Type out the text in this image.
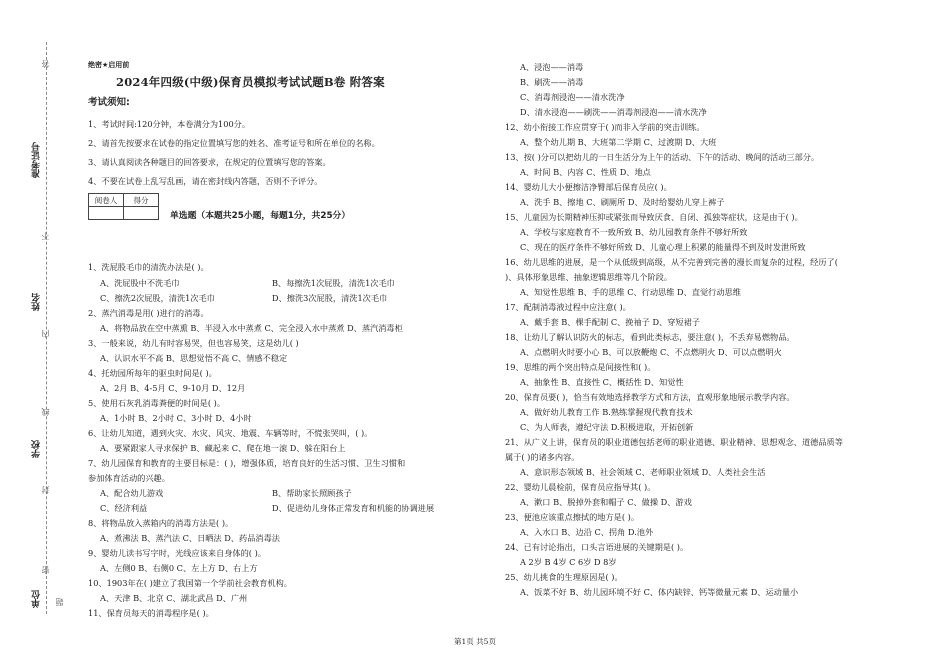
准考证号
姓名
学校
单位
答
不
内
线
封
密
题
绝密★启用前
2024年四级(中级)保育员模拟考试试题B卷 附答案
考试须知:
1、考试时间:120分钟，本卷满分为100分。
2、请首先按要求在试卷的指定位置填写您的姓名、准考证号和所在单位的名称。
3、请认真阅读各种题目的回答要求，在规定的位置填写您的答案。
4、不要在试卷上乱写乱画，请在密封线内答题，否则不予评分。
阅卷人	得分

单选题（本题共25小题，每题1分，共25分）
1、洗屁股毛巾的清洗办法是( )。
A、洗屁股中不洗毛巾	B、每擦洗1次屁股，清洗1次毛巾
C、擦洗2次屁股，清洗1次毛巾	D、擦洗3次屁股，清洗1次毛巾
2、蒸汽消毒是用( )进行的消毒。
A、将物品放在空中蒸熏 B、半浸入水中蒸煮 C、完全浸入水中蒸煮 D、蒸汽消毒柜
3、一般来说，幼儿有时容易哭，但也容易笑，这是幼儿( )
A、认识水平不高 B、思想觉悟不高 C、情感不稳定
4、托幼园所每年的驱虫时间是( )。
A、2月 B、4-5月 C、9-10月 D、12月
5、使用石灰乳消毒粪便的时间是( )。
A、1小时 B、2小时 C、3小时 D、4小时
6、让幼儿知道，遇到火灾、水灾、风灾、地震、车辆等时，不慌张哭叫，( )。
A、要紧跟家人寻求保护 B、藏起来 C、爬在地一滚 D、躲在阳台上
7、幼儿园保育和教育的主要目标是：( )，增强体质，培育良好的生活习惯、卫生习惯和
参加体育活动的兴趣。
A、配合幼儿游戏	B、帮助家长照顾孩子
C、经济利益	D、促进幼儿身体正常发育和机能的协调进展
8、将物品放入蒸箱内的消毒方法是( )。
A、煮沸法 B、蒸汽法 C、日晒法 D、药品消毒法
9、婴幼儿读书写字时，光线应该来自身体的( )。
A、左侧0 B、右侧0 C、左上方 D、右上方
10、1903年在( )建立了我国第一个学前社会教育机构。
A、天津 B、北京 C、湖北武昌 D、广州
11、保育员每天的消毒程序是( )。
A、浸泡——消毒
B、刷洗——消毒
C、消毒剂浸泡——清水洗净
D、清水浸泡——刷洗——消毒剂浸泡——清水洗净
12、幼小衔接工作应贯穿于( )而非入学前的突击训练。
A、整个幼儿期 B、大班第二学期 C、过渡期 D、大班
13、按( )分可以把幼儿的一日生活分为上午的活动、下午的活动、晚间的活动三部分。
A、时间 B、内容 C、性质 D、地点
14、婴幼儿大小便擦洁净臀部后保育员应( )。
A、洗手 B、擦地 C、刷厕所 D、及时给婴幼儿穿上裤子
15、儿童因为长期精神压抑或紧张而导致厌食、自闭、孤独等症状，这是由于( )。
A、学校与家庭教育不一致所致 B、幼儿园教育条件不够好所致
C、现在的医疗条件不够好所致 D、儿童心理上积累的能量得不到及时发泄所致
16、幼儿思维的进展，是一个从低级到高级，从不完善到完善的漫长而复杂的过程，经历了(
)、具体形象思维、抽象逻辑思维等几个阶段。
A、知觉性思维 B、手的思维 C、行动思维 D、直觉行动思维
17、配制消毒液过程中应注意( )。
A、戴手套 B、棵手配制 C、挽袖子 D、穿短裙子
18、让幼儿了解认识防火的标志，看到此类标志，要注意( )，不丢弃易燃物品。
A、点燃明火时要小心 B、可以放鞭炮 C、不点燃明火 D、可以点燃明火
19、思维的两个突出特点是间接性和( )。
A、抽象性 B、直接性 C、概括性 D、知觉性
20、保育员要( )，恰当有效地选择教学方式和方法，直观形象地展示教学内容。
A、做好幼儿教育工作 B.熟练掌握现代教育技术
C、为人师表，遵纪守法 D.积极进取，开拓创新
21、从广义上讲，保育员的职业道德包括老师的职业道德、职业精神、思想观念、道德品质等
属于( )的诸多内容。
A、意识形态领域 B、社会领域 C、老师职业领域 D、人类社会生活
22、婴幼儿晨检前，保育员应指导其( )。
A、漱口 B、脱掉外套和帽子 C、做操 D、游戏
23、便池应该重点擦拭的地方是( )。
A、入水口 B、边沿 C、拐角 D.池外
24、已有讨论指出，口头言语进展的关键期是( )。
A 2岁 B 4岁 C 6岁 D 8岁
25、幼儿挑食的生理原因是( )。
A、饭菜不好 B、幼儿园环境不好 C、体内缺锌、钙等微量元素 D、运动量小
第1页 共5页
